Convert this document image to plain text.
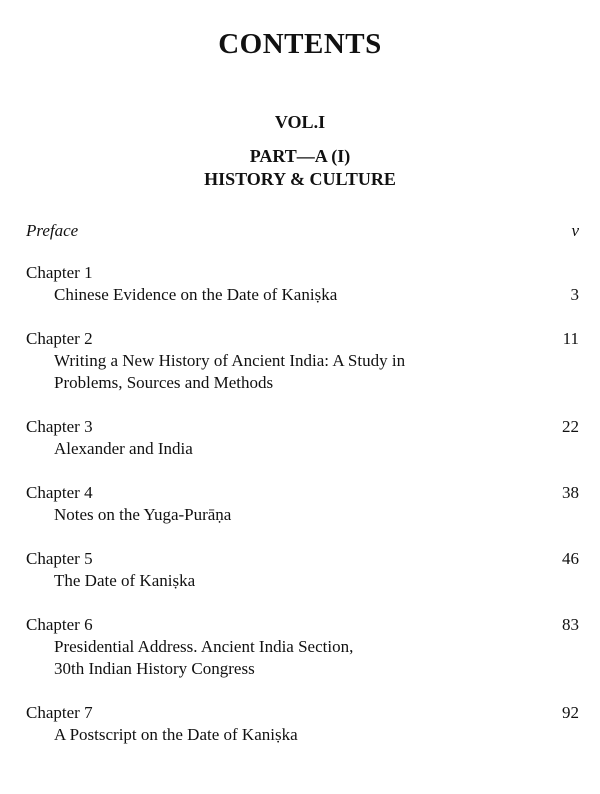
CONTENTS
VOL.I
PART—A (I)
HISTORY & CULTURE
Preface	v
Chapter 1
Chinese Evidence on the Date of Kaniṣka	3
Chapter 2	11
Writing a New History of Ancient India: A Study in
Problems, Sources and Methods
Chapter 3	22
Alexander and India
Chapter 4	38
Notes on the Yuga-Purāṇa
Chapter 5	46
The Date of Kaniṣka
Chapter 6	83
Presidential Address. Ancient India Section,
30th Indian History Congress
Chapter 7	92
A Postscript on the Date of Kaniṣka
